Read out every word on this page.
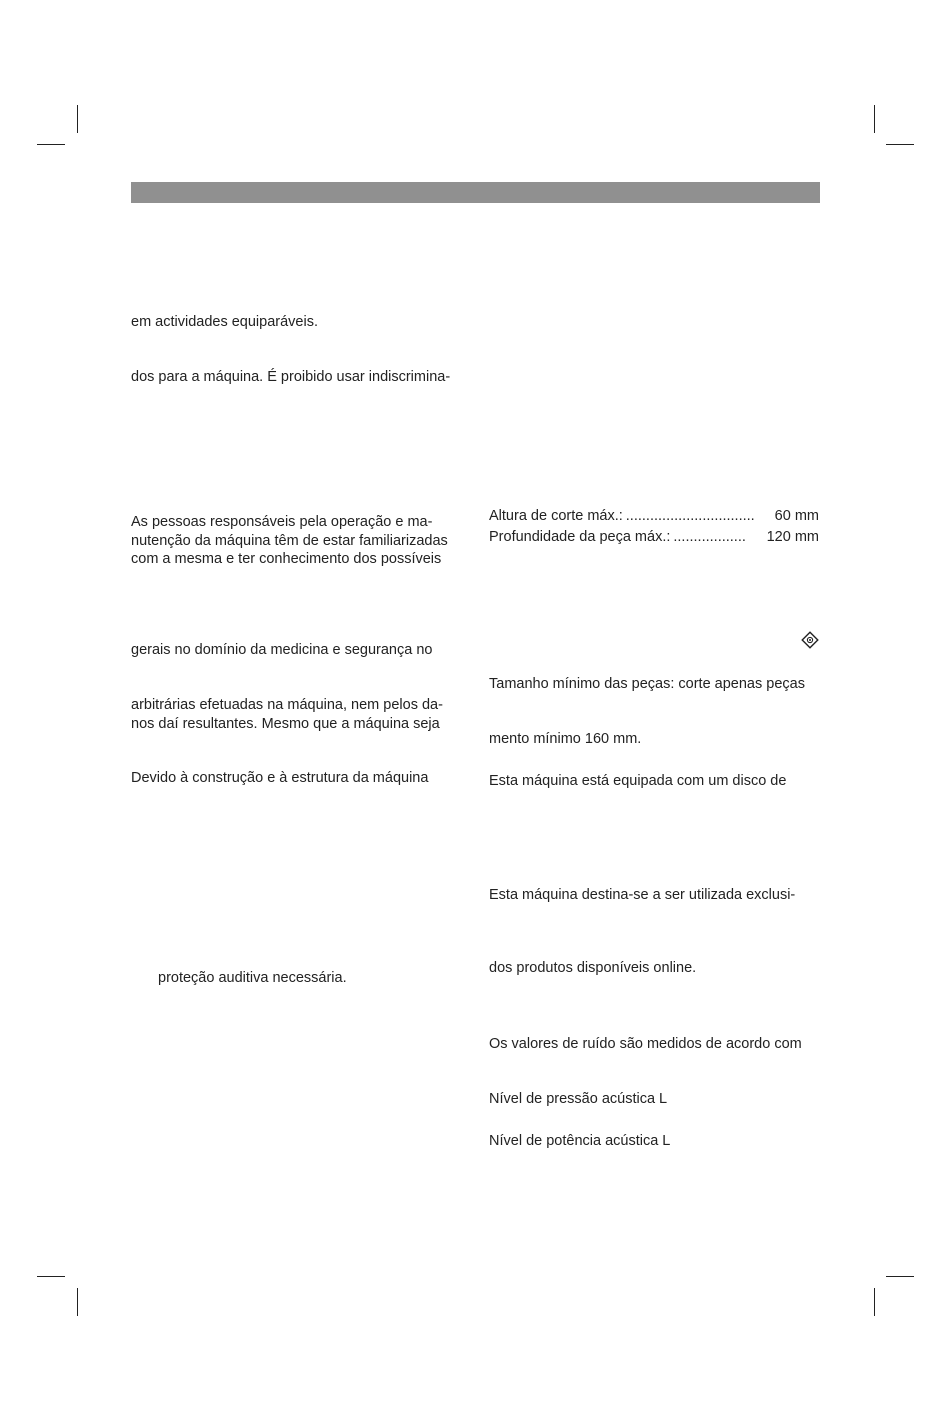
em actividades equiparáveis.
dos para a máquina. É proibido usar indiscrimina-
As pessoas responsáveis pela operação e ma-
nutenção da máquina têm de estar familiarizadas
com a mesma e ter conhecimento dos possíveis
gerais no domínio da medicina e segurança no
arbitrárias efetuadas na máquina, nem pelos da-
nos daí resultantes. Mesmo que a máquina seja
Devido à construção e à estrutura da máquina
proteção auditiva necessária.
Altura de corte máx.: ................................	60 mm
Profundidade da peça máx.: ..................	120 mm
Tamanho mínimo das peças: corte apenas peças
mento mínimo 160 mm.
Esta máquina está equipada com um disco de
Esta máquina destina-se a ser utilizada exclusi-
dos produtos disponíveis online.
Os valores de ruído são medidos de acordo com
Nível de pressão acústica L
Nível de potência acústica L
